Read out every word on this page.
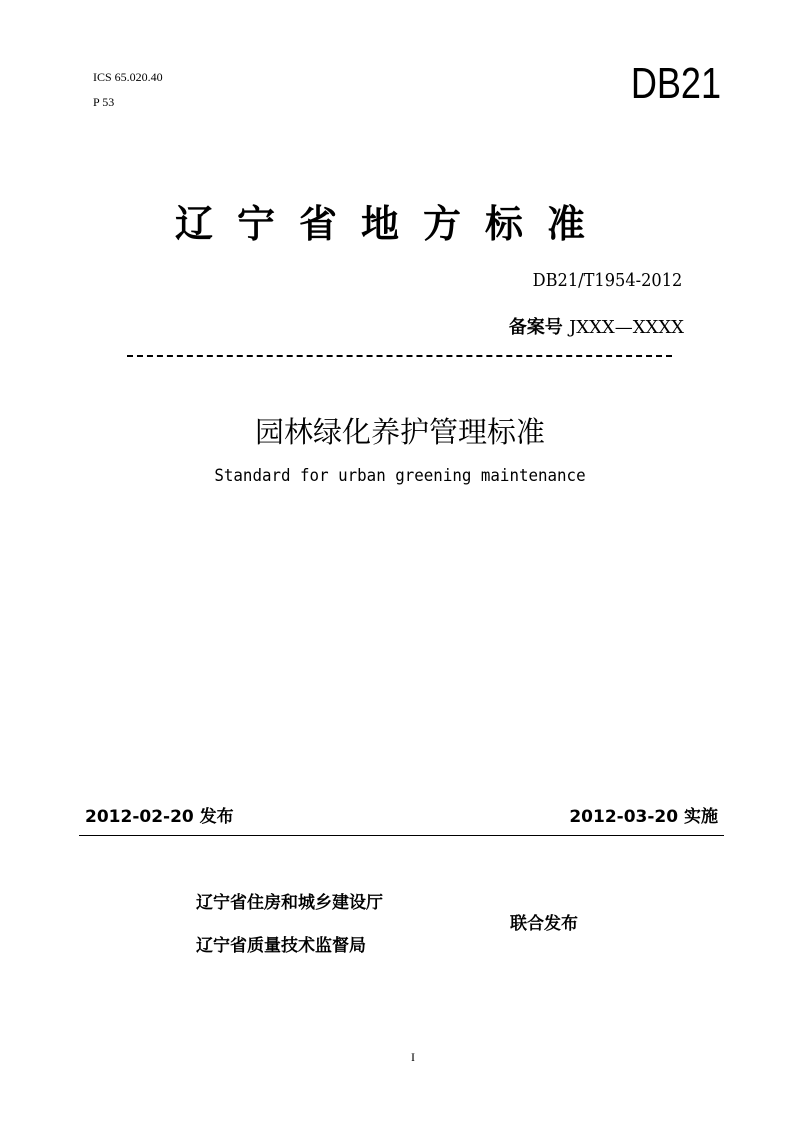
ICS 65.020.40
P 53	DB21
辽宁省地方标准
DB21/T1954-2012
备案号 JXXX—XXXX
园林绿化养护管理标准
Standard for urban greening maintenance
2012-02-20 发布	2012-03-20 实施
辽宁省住房和城乡建设厅
辽宁省质量技术监督局
联合发布
I
